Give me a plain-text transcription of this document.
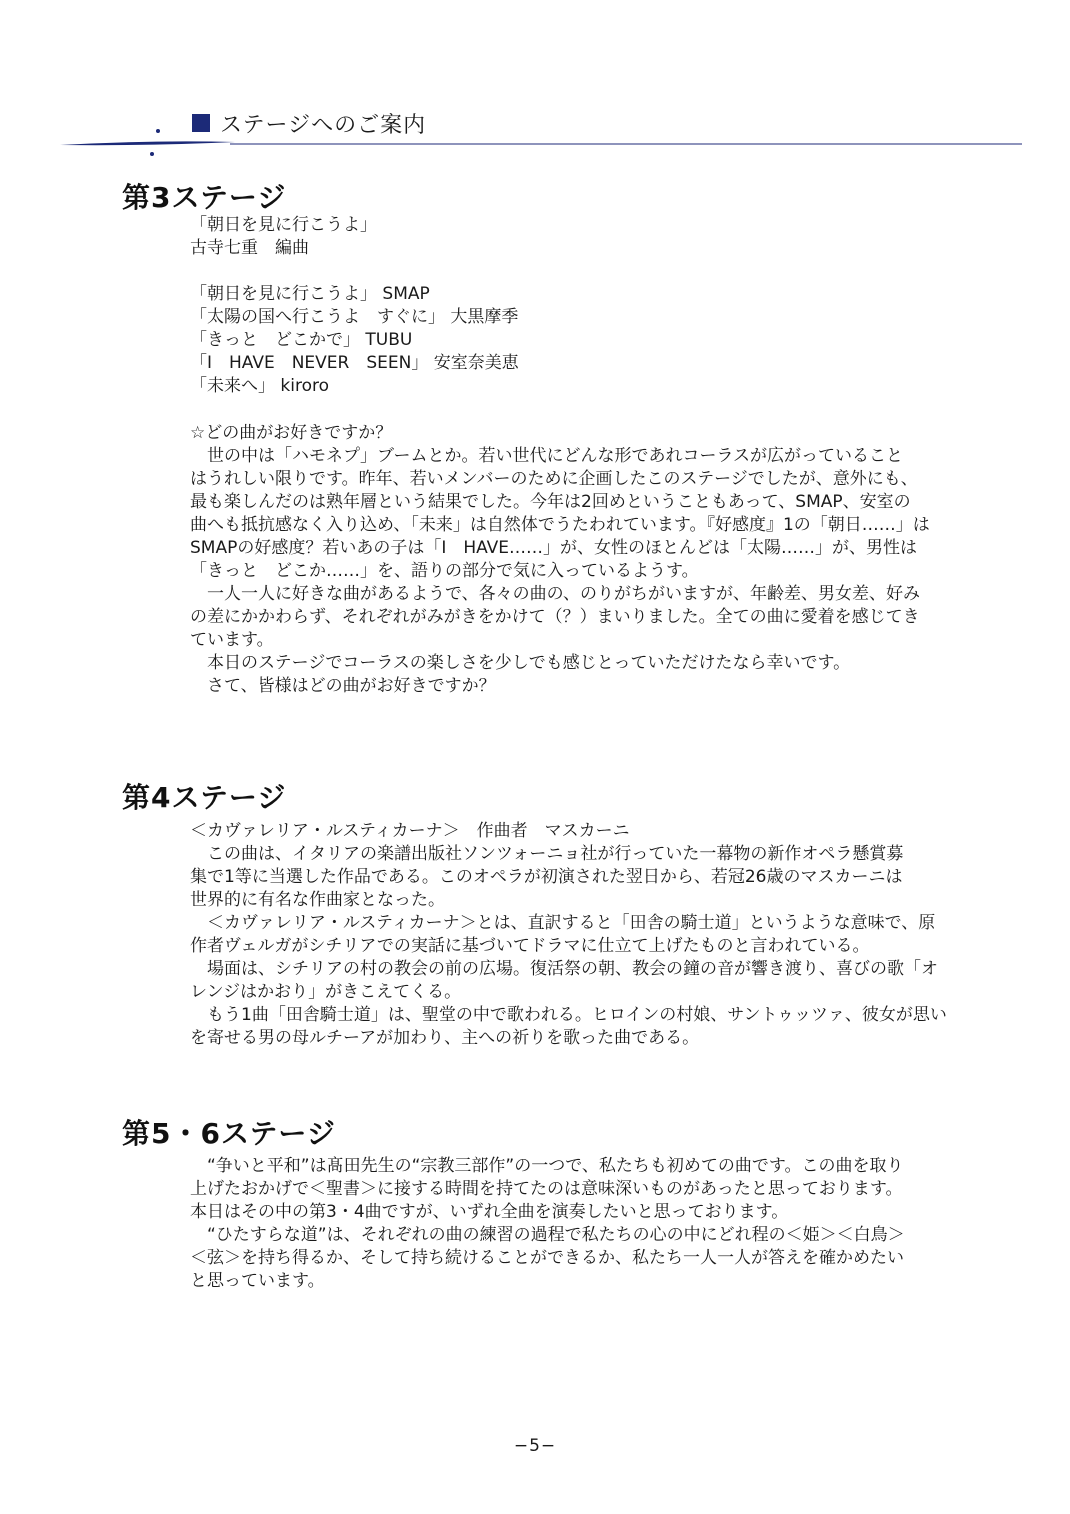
ステージへのご案内
第3ステージ
「朝日を見に行こうよ」
古寺七重　編曲
「朝日を見に行こうよ」 SMAP
「太陽の国へ行こうよ　すぐに」 大黒摩季
「きっと　どこかで」 TUBU
「I　HAVE　NEVER　SEEN」 安室奈美恵
「未来へ」 kiroro
☆どの曲がお好きですか？
　世の中は「ハモネプ」ブームとか。若い世代にどんな形であれコーラスが広がっていること
はうれしい限りです。昨年、若いメンバーのために企画したこのステージでしたが、意外にも、
最も楽しんだのは熟年層という結果でした。今年は2回めということもあって、SMAP、安室の
曲へも抵抗感なく入り込め、「未来」は自然体でうたわれています。『好感度』1の「朝日……」は
SMAPの好感度？若いあの子は「I　HAVE……」が、女性のほとんどは「太陽……」が、男性は
「きっと　どこか……」を、語りの部分で気に入っているようす。
　一人一人に好きな曲があるようで、各々の曲の、のりがちがいますが、年齢差、男女差、好み
の差にかかわらず、それぞれがみがきをかけて（？）まいりました。全ての曲に愛着を感じてき
ています。
　本日のステージでコーラスの楽しさを少しでも感じとっていただけたなら幸いです。
　さて、皆様はどの曲がお好きですか？
第4ステージ
＜カヴァレリア・ルスティカーナ＞　作曲者　マスカーニ
　この曲は、イタリアの楽譜出版社ソンツォーニョ社が行っていた一幕物の新作オペラ懸賞募
集で1等に当選した作品である。このオペラが初演された翌日から、若冠26歳のマスカーニは
世界的に有名な作曲家となった。
　＜カヴァレリア・ルスティカーナ＞とは、直訳すると「田舎の騎士道」というような意味で、原
作者ヴェルガがシチリアでの実話に基づいてドラマに仕立て上げたものと言われている。
　場面は、シチリアの村の教会の前の広場。復活祭の朝、教会の鐘の音が響き渡り、喜びの歌「オ
レンジはかおり」がきこえてくる。
　もう1曲「田舎騎士道」は、聖堂の中で歌われる。ヒロインの村娘、サントゥッツァ、彼女が思い
を寄せる男の母ルチーアが加わり、主への祈りを歌った曲である。
第5・6ステージ
　“争いと平和”は髙田先生の“宗教三部作”の一つで、私たちも初めての曲です。この曲を取り
上げたおかげで＜聖書＞に接する時間を持てたのは意味深いものがあったと思っております。
本日はその中の第3・4曲ですが、いずれ全曲を演奏したいと思っております。
　“ひたすらな道”は、それぞれの曲の練習の過程で私たちの心の中にどれ程の＜姫＞＜白鳥＞
＜弦＞を持ち得るか、そして持ち続けることができるか、私たち一人一人が答えを確かめたい
と思っています。
−5−
